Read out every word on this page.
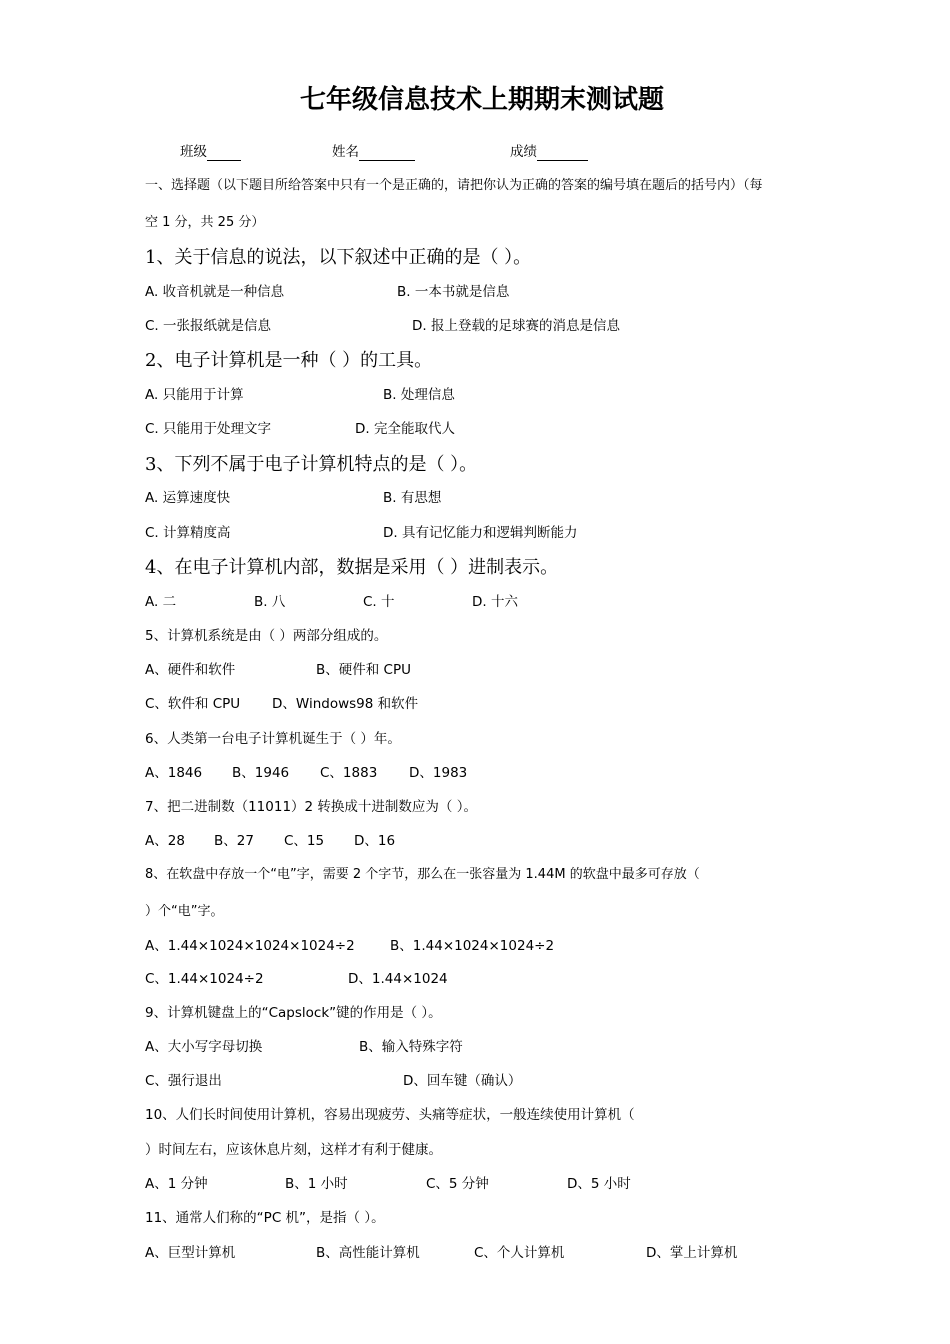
七年级信息技术上期期末测试题
班级	姓名	成绩
一、选择题（以下题目所给答案中只有一个是正确的，请把你认为正确的答案的编号填在题后的括号内）（每
空 1 分，共 25 分）
1、关于信息的说法，以下叙述中正确的是（ ）。
A. 收音机就是一种信息	B. 一本书就是信息
C. 一张报纸就是信息	D. 报上登载的足球赛的消息是信息
2、电子计算机是一种（ ）的工具。
A. 只能用于计算	B. 处理信息
C. 只能用于处理文字	D. 完全能取代人
3、下列不属于电子计算机特点的是（ ）。
A. 运算速度快	B. 有思想
C. 计算精度高	D. 具有记忆能力和逻辑判断能力
4、在电子计算机内部，数据是采用（ ）进制表示。
A. 二	B. 八	C. 十	D. 十六
5、计算机系统是由（ ）两部分组成的。
A、硬件和软件	B、硬件和 CPU
C、软件和 CPU D、Windows98 和软件
6、人类第一台电子计算机诞生于（ ）年。
A、1846 B、1946 C、1883 D、1983
7、把二进制数（11011）2 转换成十进制数应为（ ）。
A、28 B、27 C、15 D、16
8、在软盘中存放一个“电”字，需要 2 个字节，那么在一张容量为 1.44M 的软盘中最多可存放（
）个“电”字。
A、1.44×1024×1024×1024÷2	B、1.44×1024×1024÷2
C、1.44×1024÷2	D、1.44×1024
9、计算机键盘上的“Capslock”键的作用是（ ）。
A、大小写字母切换	B、输入特殊字符
C、强行退出	D、回车键（确认）
10、人们长时间使用计算机，容易出现疲劳、头痛等症状，一般连续使用计算机（
）时间左右，应该休息片刻，这样才有利于健康。
A、1 分钟	B、1 小时	C、5 分钟	D、5 小时
11、通常人们称的“PC 机”，是指（ ）。
A、巨型计算机	B、高性能计算机	C、个人计算机	D、掌上计算机
